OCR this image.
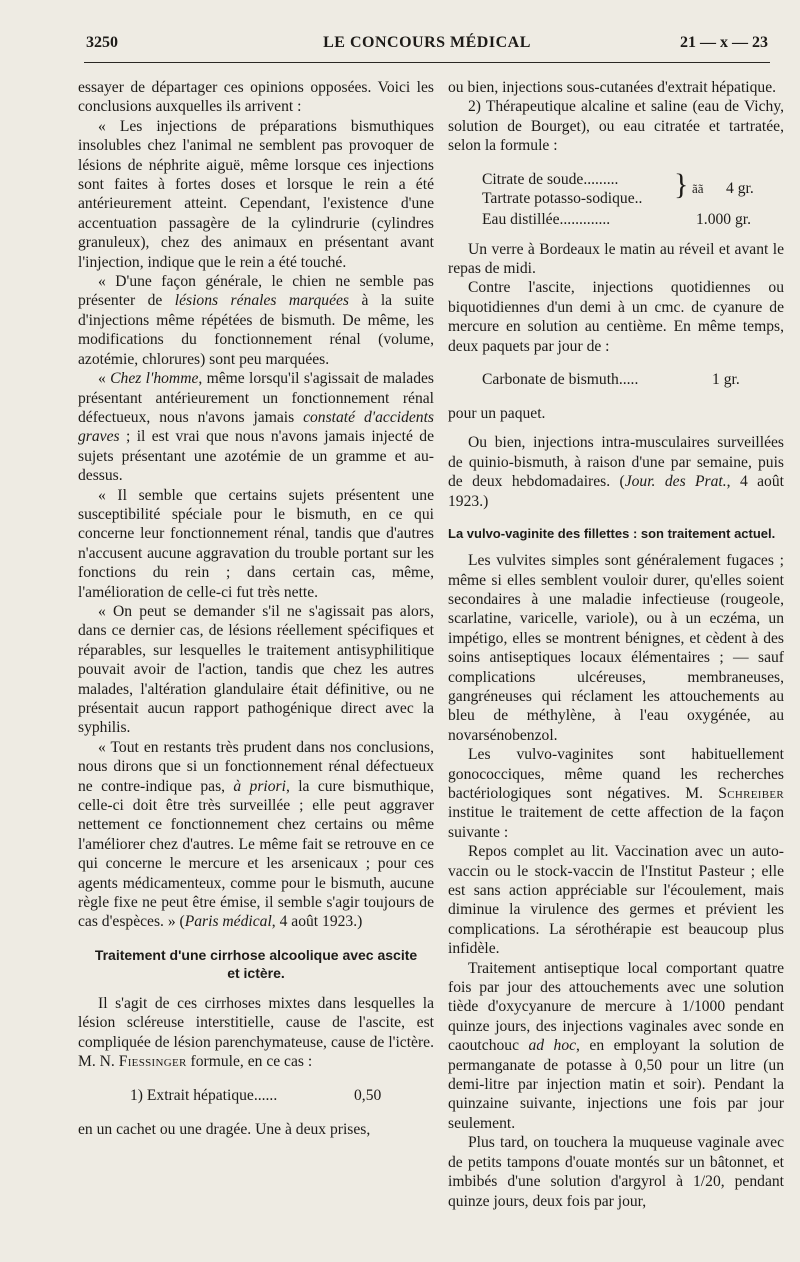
3250	LE CONCOURS MÉDICAL	21 — x — 23

essayer de départager ces opinions opposées. Voici les conclusions auxquelles ils arrivent :

« Les injections de préparations bismuthiques insolubles chez l'animal ne semblent pas provoquer de lésions de néphrite aiguë, même lorsque ces injections sont faites à fortes doses et lorsque le rein a été antérieurement atteint. Cependant, l'existence d'une accentuation passagère de la cylindrurie (cylindres granuleux), chez des animaux en présentant avant l'injection, indique que le rein a été touché.

« D'une façon générale, le chien ne semble pas présenter de lésions rénales marquées à la suite d'injections même répétées de bismuth. De même, les modifications du fonctionnement rénal (volume, azotémie, chlorures) sont peu marquées.

« Chez l'homme, même lorsqu'il s'agissait de malades présentant antérieurement un fonctionnement rénal défectueux, nous n'avons jamais constaté d'accidents graves ; il est vrai que nous n'avons jamais injecté de sujets présentant une azotémie de un gramme et au-dessus.

« Il semble que certains sujets présentent une susceptibilité spéciale pour le bismuth, en ce qui concerne leur fonctionnement rénal, tandis que d'autres n'accusent aucune aggravation du trouble portant sur les fonctions du rein ; dans certain cas, même, l'amélioration de celle-ci fut très nette.

« On peut se demander s'il ne s'agissait pas alors, dans ce dernier cas, de lésions réellement spécifiques et réparables, sur lesquelles le traitement antisyphilitique pouvait avoir de l'action, tandis que chez les autres malades, l'altération glandulaire était définitive, ou ne présentait aucun rapport pathogénique direct avec la syphilis.

« Tout en restants très prudent dans nos conclusions, nous dirons que si un fonctionnement rénal défectueux ne contre-indique pas, à priori, la cure bismuthique, celle-ci doit être très surveillée ; elle peut aggraver nettement ce fonctionnement chez certains ou même l'améliorer chez d'autres. Le même fait se retrouve en ce qui concerne le mercure et les arsenicaux ; pour ces agents médicamenteux, comme pour le bismuth, aucune règle fixe ne peut être émise, il semble s'agir toujours de cas d'espèces. » (Paris médical, 4 août 1923.)

Traitement d'une cirrhose alcoolique avec ascite
et ictère.

Il s'agit de ces cirrhoses mixtes dans lesquelles la lésion scléreuse interstitielle, cause de l'ascite, est compliquée de lésion parenchymateuse, cause de l'ictère. M. N. Fiessinger formule, en ce cas :

1) Extrait hépatique......	0,50

en un cachet ou une dragée. Une à deux prises,

ou bien, injections sous-cutanées d'extrait hépatique.

2) Thérapeutique alcaline et saline (eau de Vichy, solution de Bourget), ou eau citratée et tartratée, selon la formule :

Citrate de soude.........
Tartrate potasso-sodique.. } ãã 4 gr.
Eau distillée.............	1.000 gr.

Un verre à Bordeaux le matin au réveil et avant le repas de midi.

Contre l'ascite, injections quotidiennes ou biquotidiennes d'un demi à un cmc. de cyanure de mercure en solution au centième. En même temps, deux paquets par jour de :

Carbonate de bismuth.....	1 gr.

pour un paquet.

Ou bien, injections intra-musculaires surveillées de quinio-bismuth, à raison d'une par semaine, puis de deux hebdomadaires. (Jour. des Prat., 4 août 1923.)

La vulvo-vaginite des fillettes : son traitement actuel.

Les vulvites simples sont généralement fugaces ; même si elles semblent vouloir durer, qu'elles soient secondaires à une maladie infectieuse (rougeole, scarlatine, varicelle, variole), ou à un eczéma, un impétigo, elles se montrent bénignes, et cèdent à des soins antiseptiques locaux élémentaires ; — sauf complications ulcéreuses, membraneuses, gangréneuses qui réclament les attouchements au bleu de méthylène, à l'eau oxygénée, au novarsénobenzol.

Les vulvo-vaginites sont habituellement gonococciques, même quand les recherches bactériologiques sont négatives. M. Schreiber institue le traitement de cette affection de la façon suivante :

Repos complet au lit. Vaccination avec un auto-vaccin ou le stock-vaccin de l'Institut Pasteur ; elle est sans action appréciable sur l'écoulement, mais diminue la virulence des germes et prévient les complications. La sérothérapie est beaucoup plus infidèle.

Traitement antiseptique local comportant quatre fois par jour des attouchements avec une solution tiède d'oxycyanure de mercure à 1/1000 pendant quinze jours, des injections vaginales avec sonde en caoutchouc ad hoc, en employant la solution de permanganate de potasse à 0,50 pour un litre (un demi-litre par injection matin et soir). Pendant la quinzaine suivante, injections une fois par jour seulement.

Plus tard, on touchera la muqueuse vaginale avec de petits tampons d'ouate montés sur un bâtonnet, et imbibés d'une solution d'argyrol à 1/20, pendant quinze jours, deux fois par jour,
